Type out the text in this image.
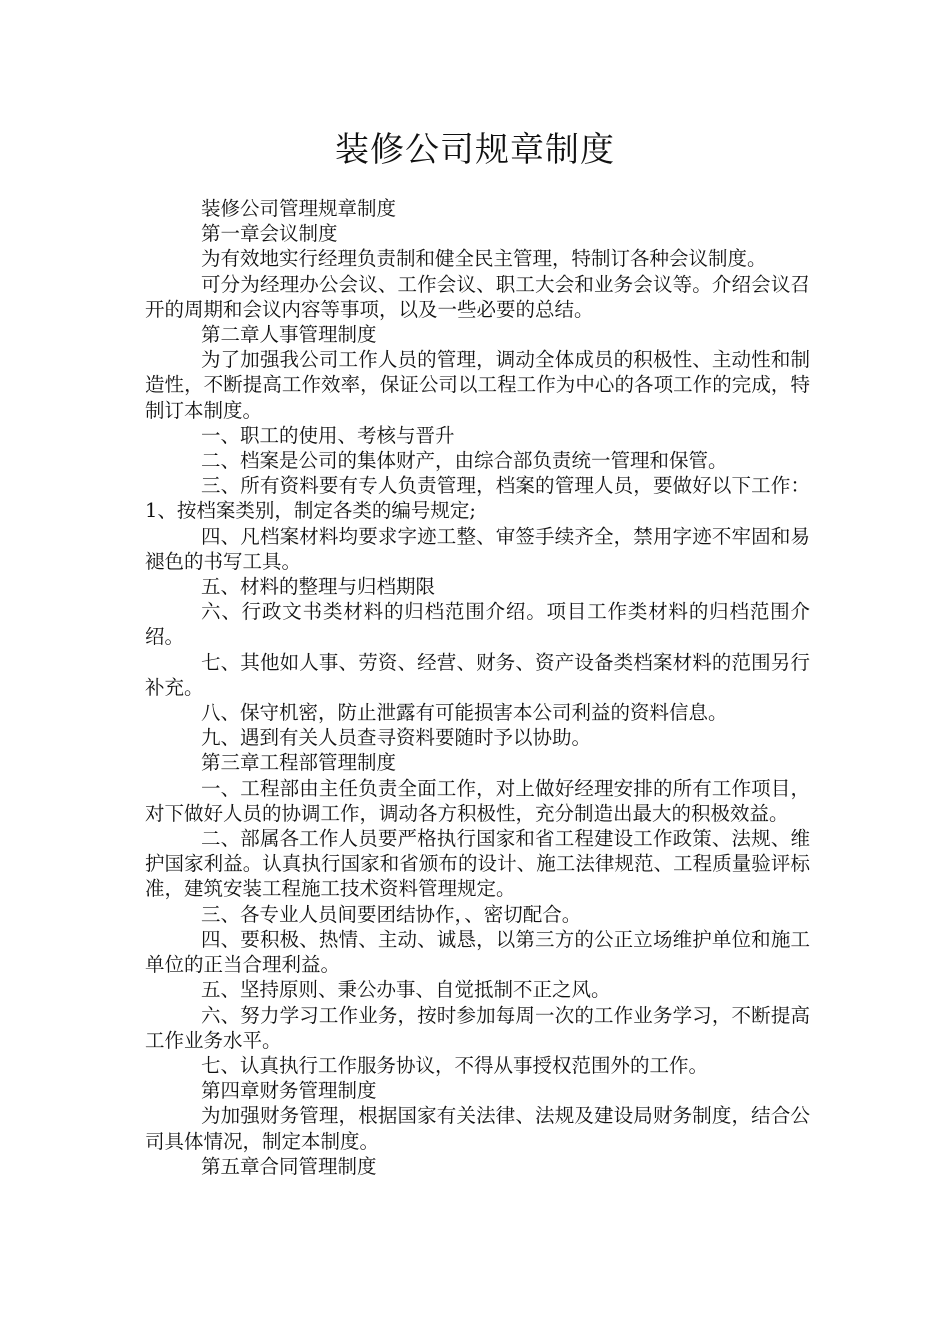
装修公司规章制度

装修公司管理规章制度

第一章会议制度

为有效地实行经理负责制和健全民主管理，特制订各种会议制度。

可分为经理办公会议、工作会议、职工大会和业务会议等。介绍会议召开的周期和会议内容等事项，以及一些必要的总结。

第二章人事管理制度

为了加强我公司工作人员的管理，调动全体成员的积极性、主动性和制造性，不断提高工作效率，保证公司以工程工作为中心的各项工作的完成，特制订本制度。

一、职工的使用、考核与晋升

二、档案是公司的集体财产，由综合部负责统一管理和保管。

三、所有资料要有专人负责管理，档案的管理人员，要做好以下工作：1、按档案类别，制定各类的编号规定;

四、凡档案材料均要求字迹工整、审签手续齐全，禁用字迹不牢固和易褪色的书写工具。

五、材料的整理与归档期限

六、行政文书类材料的归档范围介绍。项目工作类材料的归档范围介绍。

七、其他如人事、劳资、经营、财务、资产设备类档案材料的范围另行补充。

八、保守机密，防止泄露有可能损害本公司利益的资料信息。

九、遇到有关人员查寻资料要随时予以协助。

第三章工程部管理制度

一、工程部由主任负责全面工作，对上做好经理安排的所有工作项目，对下做好人员的协调工作，调动各方积极性，充分制造出最大的积极效益。

二、部属各工作人员要严格执行国家和省工程建设工作政策、法规、维护国家利益。认真执行国家和省颁布的设计、施工法律规范、工程质量验评标准，建筑安装工程施工技术资料管理规定。

三、各专业人员间要团结协作，、密切配合。

四、要积极、热情、主动、诚恳，以第三方的公正立场维护单位和施工单位的正当合理利益。

五、坚持原则、秉公办事、自觉抵制不正之风。

六、努力学习工作业务，按时参加每周一次的工作业务学习，不断提高工作业务水平。

七、认真执行工作服务协议，不得从事授权范围外的工作。

第四章财务管理制度

为加强财务管理，根据国家有关法律、法规及建设局财务制度，结合公司具体情况，制定本制度。

第五章合同管理制度
